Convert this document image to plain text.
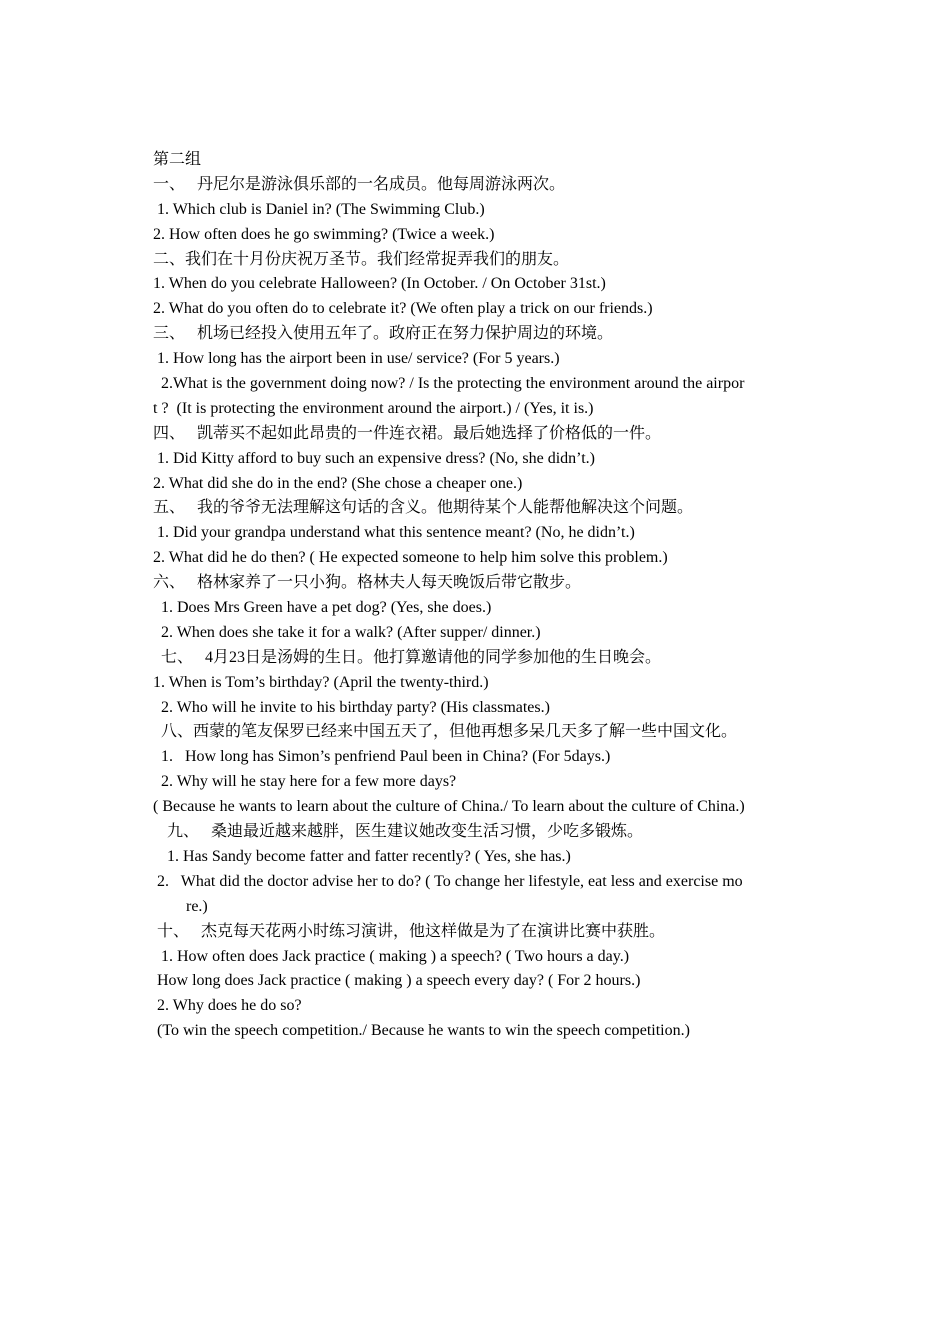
第二组
一、   丹尼尔是游泳俱乐部的一名成员。他每周游泳两次。
1. Which club is Daniel in? (The Swimming Club.)
2. How often does he go swimming? (Twice a week.)
二、我们在十月份庆祝万圣节。我们经常捉弄我们的朋友。
1. When do you celebrate Halloween? (In October. / On October 31st.)
2. What do you often do to celebrate it? (We often play a trick on our friends.)
三、   机场已经投入使用五年了。政府正在努力保护周边的环境。
1. How long has the airport been in use/ service? (For 5 years.)
2.What is the government doing now? / Is the protecting the environment around the airpor
t ?  (It is protecting the environment around the airport.) / (Yes, it is.)
四、   凯蒂买不起如此昂贵的一件连衣裙。最后她选择了价格低的一件。
1. Did Kitty afford to buy such an expensive dress? (No, she didn’t.)
2. What did she do in the end? (She chose a cheaper one.)
五、   我的爷爷无法理解这句话的含义。他期待某个人能帮他解决这个问题。
1. Did your grandpa understand what this sentence meant? (No, he didn’t.)
2. What did he do then? ( He expected someone to help him solve this problem.)
六、   格林家养了一只小狗。格林夫人每天晚饭后带它散步。
1. Does Mrs Green have a pet dog? (Yes, she does.)
2. When does she take it for a walk? (After supper/ dinner.)
七、   4月23日是汤姆的生日。他打算邀请他的同学参加他的生日晚会。
1. When is Tom’s birthday? (April the twenty-third.)
2. Who will he invite to his birthday party? (His classmates.)
八、西蒙的笔友保罗已经来中国五天了，但他再想多呆几天多了解一些中国文化。
1.   How long has Simon’s penfriend Paul been in China? (For 5days.)
2. Why will he stay here for a few more days?
( Because he wants to learn about the culture of China./ To learn about the culture of China.)
九、   桑迪最近越来越胖，医生建议她改变生活习惯，少吃多锻炼。
1. Has Sandy become fatter and fatter recently? ( Yes, she has.)
2.   What did the doctor advise her to do? ( To change her lifestyle, eat less and exercise mo
re.)
十、   杰克每天花两小时练习演讲，他这样做是为了在演讲比赛中获胜。
1. How often does Jack practice ( making ) a speech? ( Two hours a day.)
How long does Jack practice ( making ) a speech every day? ( For 2 hours.)
2. Why does he do so?
(To win the speech competition./ Because he wants to win the speech competition.)
